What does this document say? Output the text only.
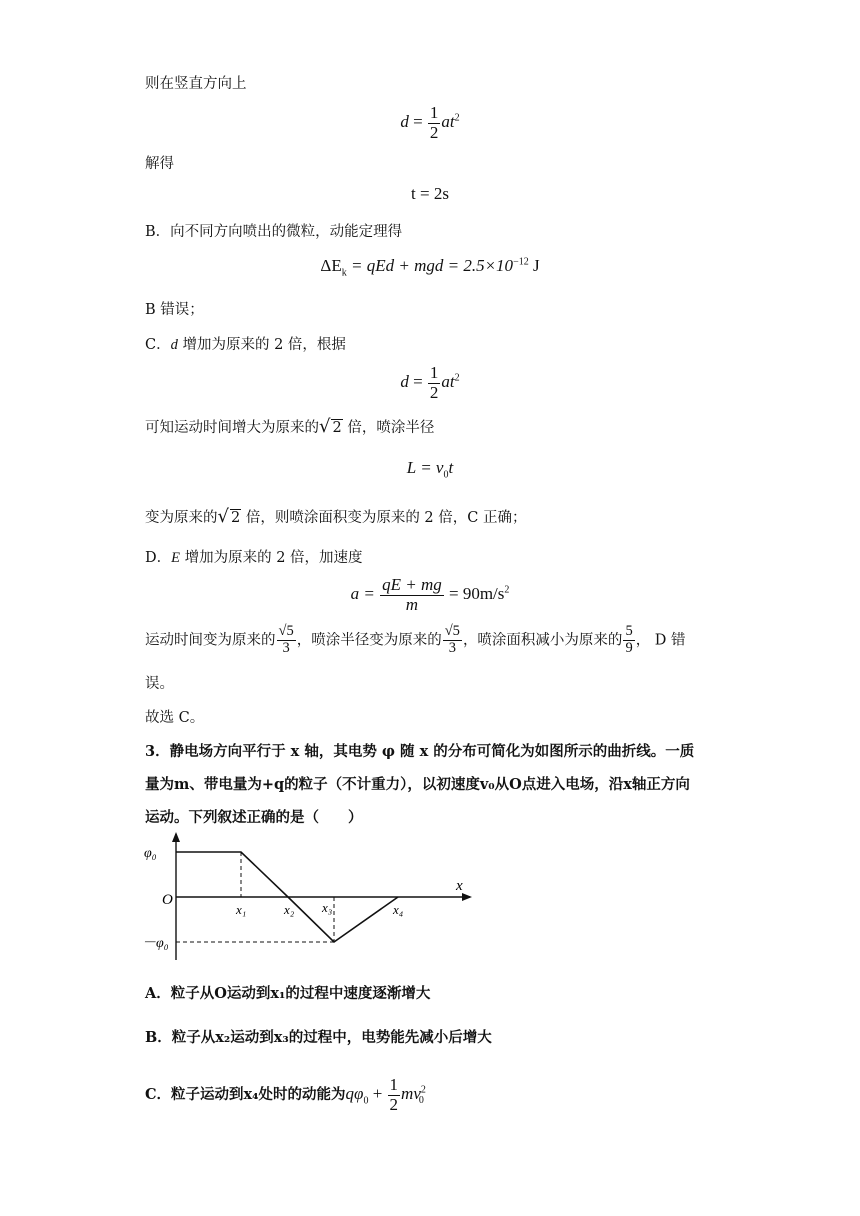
则在竖直方向上
$d = \frac{1}{2} at^2$
解得
t = 2s
B．向不同方向喷出的微粒，动能定理得
$\Delta E_k$ = qEd + mgd = $2.5\times 10^{-12}$ J
B 错误；
C．d 增加为原来的 2 倍，根据
$d = \frac{1}{2} at^2$
可知运动时间增大为原来的√ 2 倍，喷涂半径
$L = v_0t$
变为原来的√ 2 倍，则喷涂面积变为原来的 2 倍，C 正确；
D．E 增加为原来的 2 倍，加速度
$a = \frac{qE + mg}{m} = 90m/s^2$
运动时间变为原来的 $\frac{√5}{3}$ ，喷涂半径变为原来的 $\frac{√5}{3}$ ，喷涂面积减小为原来的 $\frac{5}{9}$ ， D 错
误。
故选 C。
3．静电场方向平行于 x 轴，其电势 φ 随 x 的分布可简化为如图所示的曲折线。一质
量为m、带电量为+q的粒子（不计重力），以初速度v₀从O点进入电场，沿x轴正方向
运动。下列叙述正确的是（　　）
φ₀
－φ₀
O
x
x₁	x₂ x₃	x₄
A．粒子从O运动到x₁的过程中速度逐渐增大
B．粒子从x₂运动到x₃的过程中，电势能先减小后增大
C．粒子运动到x₄处时的动能为$q\varphi_0 + \frac{1}{2} mv^2_0$
